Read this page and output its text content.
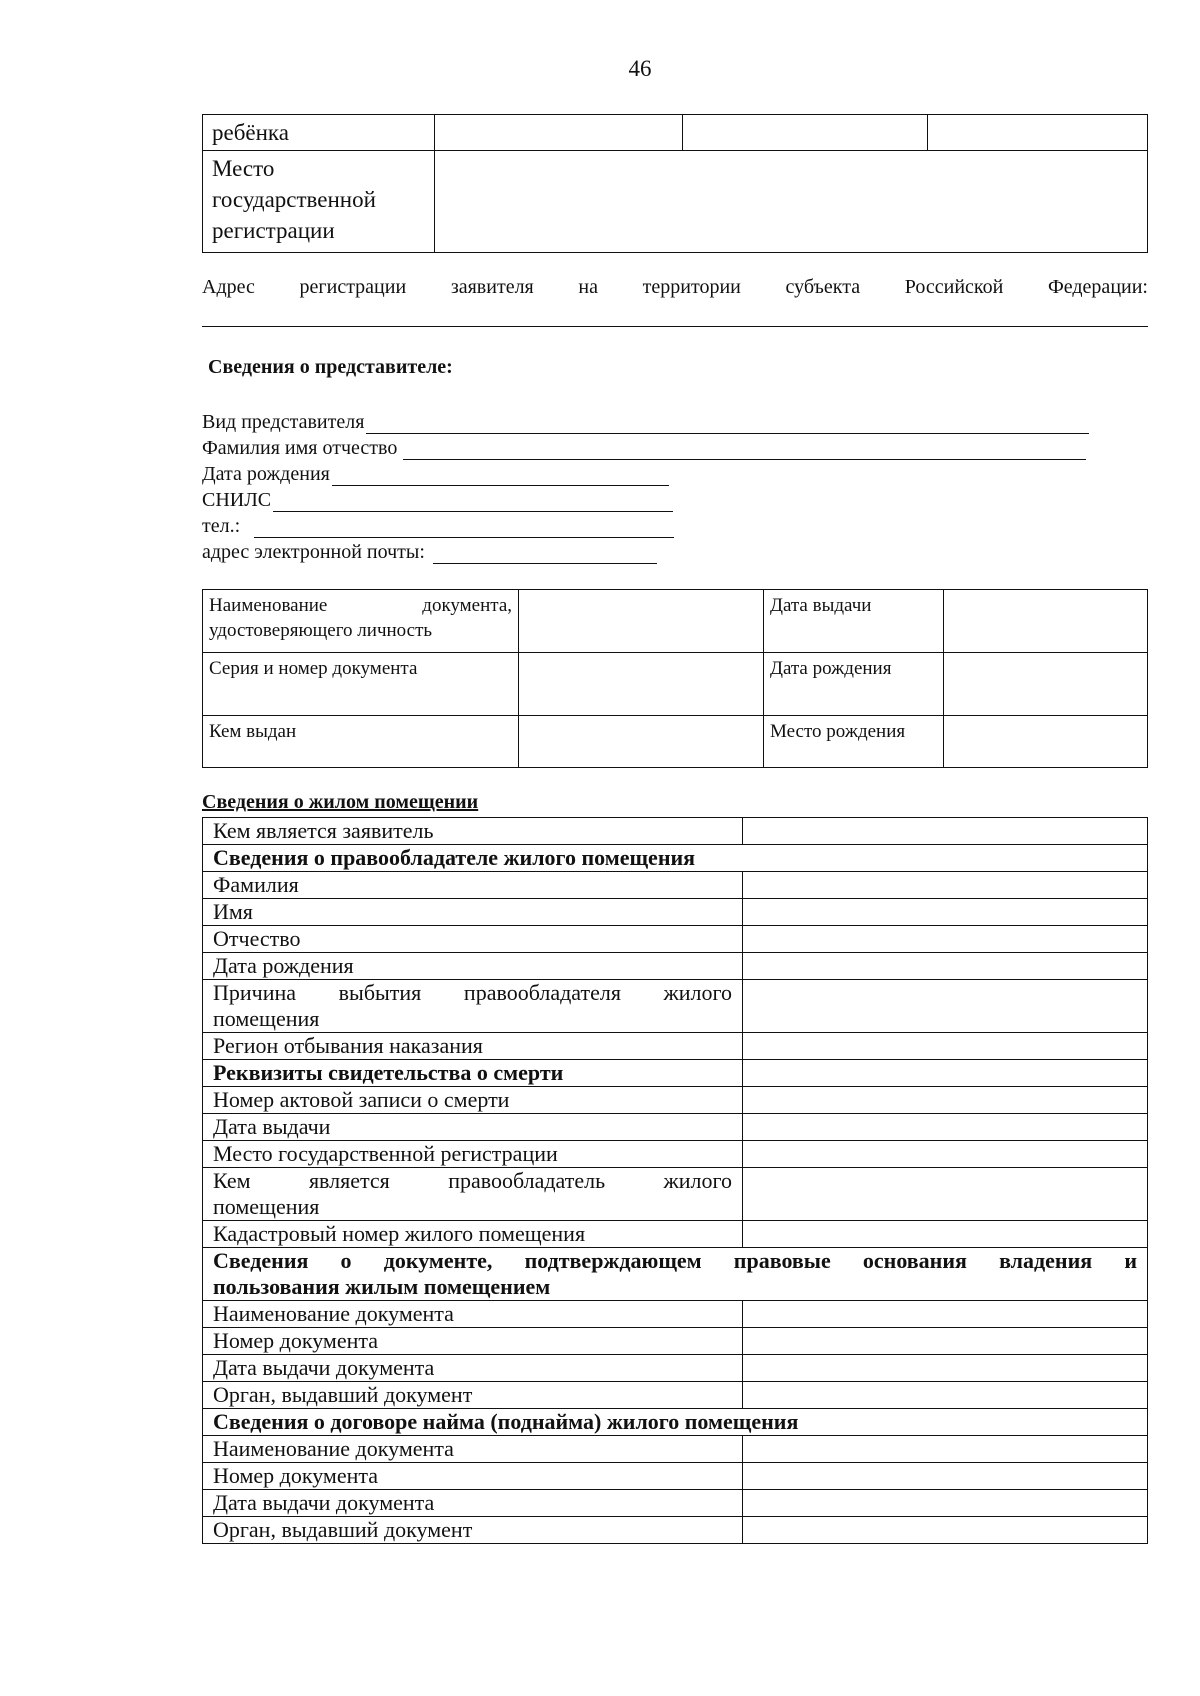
46
ребёнка			
Место
государственной
регистрации			
Адрес регистрации заявителя на территории субъекта Российской Федерации:
Сведения о представителе:
Вид представителя
Фамилия имя отчество
Дата рождения
СНИЛС
тел.:
адрес электронной почты:
Наименование документа,
удостоверяющего личность		Дата выдачи	
Серия и номер документа		Дата рождения	
Кем выдан		Место рождения	
Сведения о жилом помещении
Кем является заявитель	
Сведения о правообладателе жилого помещения	
Фамилия	
Имя	
Отчество	
Дата рождения	

Причина выбытия правообладателя жилого
помещения	

Регион отбывания наказания	
Реквизиты свидетельства о смерти	
Номер актовой записи о смерти	
Дата выдачи	
Место государственной регистрации	

Кем является правообладатель жилого
помещения	

Кадастровый номер жилого помещения	

Сведения о документе, подтверждающем правовые основания владения и
пользования жилым помещением	

Наименование документа	
Номер документа	
Дата выдачи документа	
Орган, выдавший документ	
Сведения о договоре найма (поднайма) жилого помещения	
Наименование документа	
Номер документа	
Дата выдачи документа	
Орган, выдавший документ	
